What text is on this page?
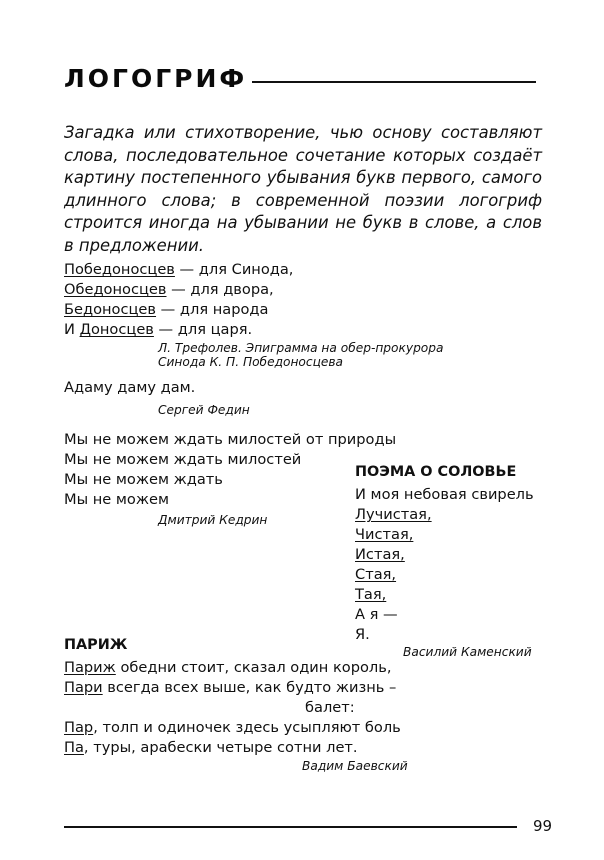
ЛОГОГРИФ
Загадка или стихотворение, чью основу составляют
слова, последовательное сочетание которых создаёт
картину постепенного убывания букв первого, самого
длинного слова; в современной поэзии логогриф
строится иногда на убывании не букв в слове, а слов
в предложении.
Победоносцев — для Синода,
Обедоносцев — для двора,
Бедоносцев — для народа
И Доносцев — для царя.
Л. Трефолев. Эпиграмма на обер-прокурора
Синода К. П. Победоносцева
Адаму даму дам.
Сергей Федин
Мы не можем ждать милостей от природы
Мы не можем ждать милостей
Мы не можем ждать
Мы не можем
Дмитрий Кедрин
ПОЭМА О СОЛОВЬЕ
И моя небовая свирель
Лучистая,
Чистая,
Истая,
Стая,
Тая,
А я —
Я.
Василий Каменский
ПАРИЖ
Париж обедни стоит, сказал один король,
Пари всегда всех выше, как будто жизнь –
балет:
Пар, толп и одиночек здесь усыпляют боль
Па, туры, арабески четыре сотни лет.
Вадим Баевский
99
